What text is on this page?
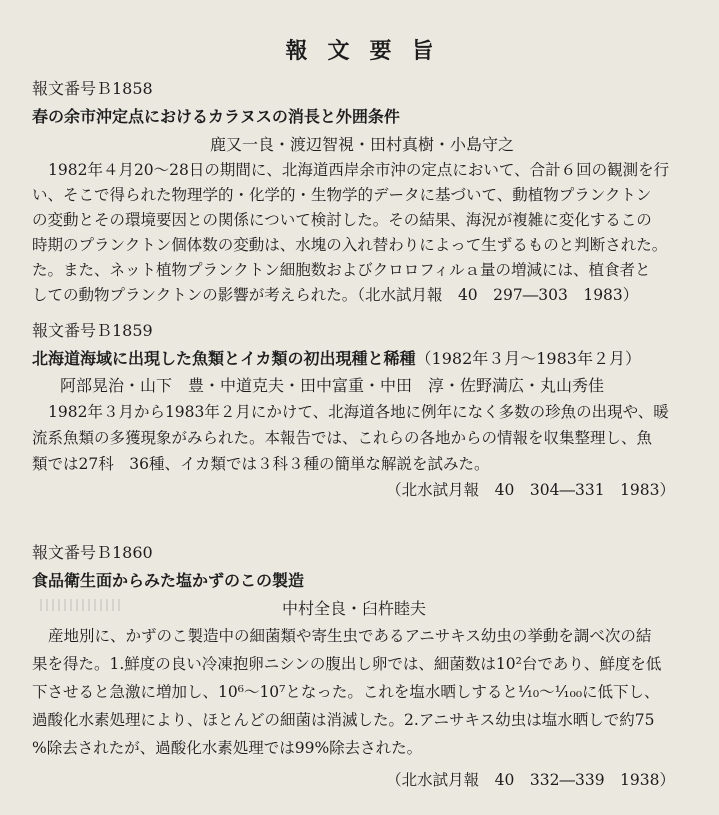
報文要旨
報文番号Ｂ1858
春の余市沖定点におけるカラヌスの消長と外囲条件
鹿又一良・渡辺智視・田村真樹・小島守之
1982年４月20〜28日の期間に、北海道西岸余市沖の定点において、合計６回の観測を行
い、そこで得られた物理学的・化学的・生物学的データに基づいて、動植物プランクトン
の変動とその環境要因との関係について検討した。その結果、海況が複雑に変化するこの
時期のプランクトン個体数の変動は、水塊の入れ替わりによって生ずるものと判断された。
た。また、ネット植物プランクトン細胞数およびクロロフィルａ量の増減には、植食者と
しての動物プランクトンの影響が考えられた。（北水試月報　40　297―303　1983）
報文番号Ｂ1859
北海道海域に出現した魚類とイカ類の初出現種と稀種（1982年３月〜1983年２月）
阿部晃治・山下　豊・中道克夫・田中富重・中田　淳・佐野満広・丸山秀佳
1982年３月から1983年２月にかけて、北海道各地に例年になく多数の珍魚の出現や、暖
流系魚類の多獲現象がみられた。本報告では、これらの各地からの情報を収集整理し、魚
類では27科　36種、イカ類では３科３種の簡単な解説を試みた。
（北水試月報　40　304―331　1983）
報文番号Ｂ1860
食品衛生面からみた塩かずのこの製造
中村全良・臼杵睦夫
産地別に、かずのこ製造中の細菌類や寄生虫であるアニサキス幼虫の挙動を調べ次の結
果を得た。1.鮮度の良い冷凍抱卵ニシンの腹出し卵では、細菌数は10²台であり、鮮度を低
下させると急激に増加し、10⁶〜10⁷となった。これを塩水晒しすると⅒〜⅟₁₀₀に低下し、
過酸化水素処理により、ほとんどの細菌は消滅した。2.アニサキス幼虫は塩水晒しで約75
%除去されたが、過酸化水素処理では99%除去された。
（北水試月報　40　332―339　1938）
